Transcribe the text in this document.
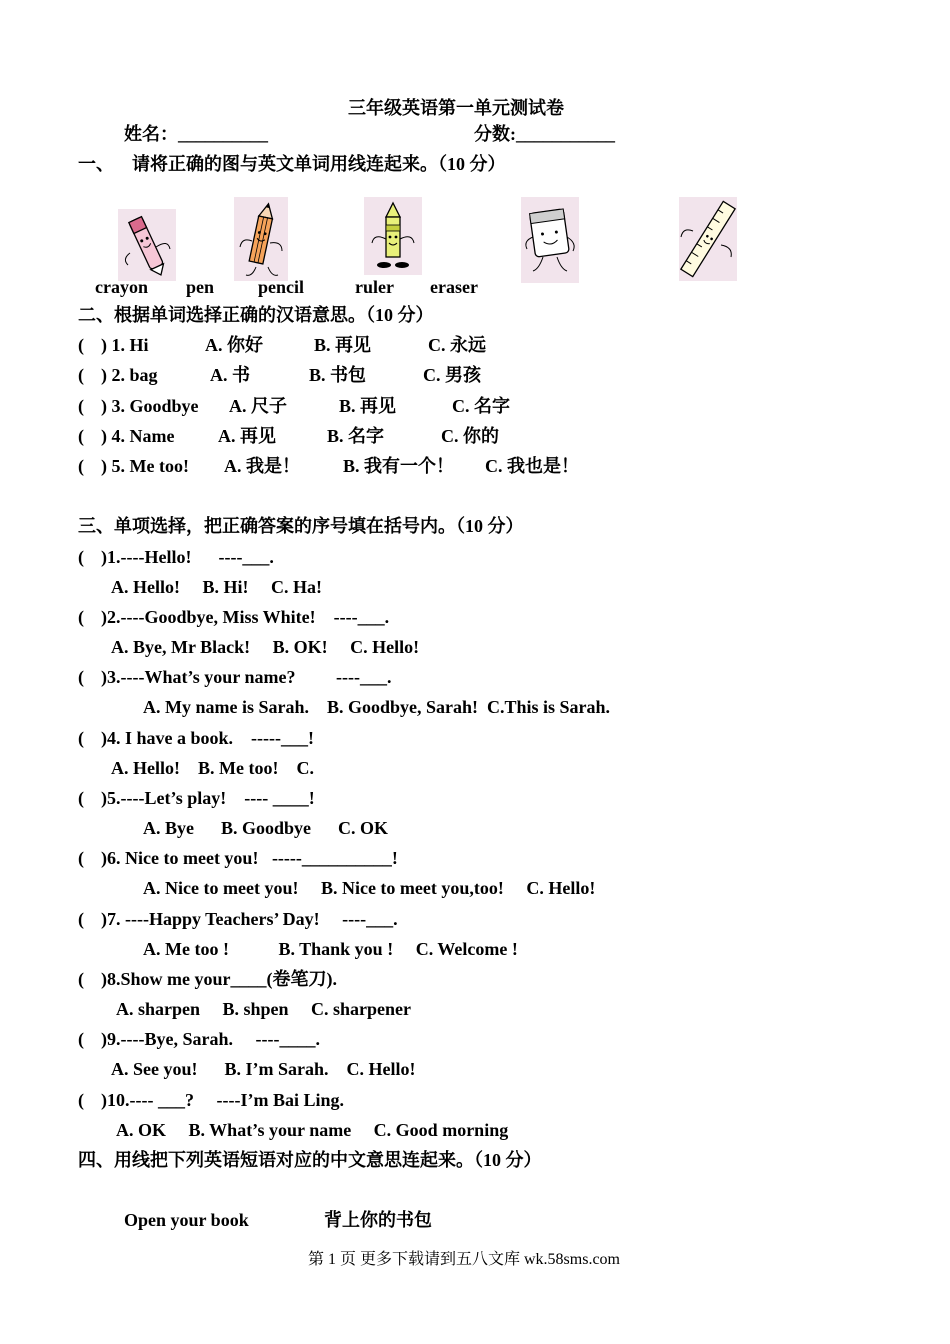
三年级英语第一单元测试卷
姓名：__________	分数:___________
一、    请将正确的图与英文单词用线连起来。（10 分）
crayon pen pencil	ruler eraser
二、根据单词选择正确的汉语意思。（10 分）
( ) 1. Hi	A. 你好	B. 再见	C. 永远
( ) 2. bag	A. 书	B. 书包	C. 男孩
( ) 3. Goodbye A. 尺子	B. 再见	C. 名字
( ) 4. Name A. 再见	B. 名字	C. 你的
( ) 5. Me too! A. 我是！ B. 我有一个！ C. 我也是！
三、单项选择，把正确答案的序号填在括号内。（10 分）
( )1.----Hello!      ----___.
A. Hello!     B. Hi!     C. Ha!
( )2.----Goodbye, Miss White!    ----___.
A. Bye, Mr Black!     B. OK!     C. Hello!
( )3.----What’s your name?         ----___.
A. My name is Sarah.    B. Goodbye, Sarah!  C.This is Sarah.
( )4. I have a book.    -----___!
A. Hello!    B. Me too!    C.
( )5.----Let’s play!    ---- ____!
A. Bye      B. Goodbye      C. OK
( )6. Nice to meet you!   -----__________!
A. Nice to meet you!     B. Nice to meet you,too!     C. Hello!
( )7. ----Happy Teachers’ Day!     ----___.
A. Me too !           B. Thank you !     C. Welcome !
( )8.Show me your____(卷笔刀).
A. sharpen     B. shpen     C. sharpener
( )9.----Bye, Sarah.     ----____.
A. See you!      B. I’m Sarah.    C. Hello!
( )10.---- ___?     ----I’m Bai Ling.
A. OK     B. What’s your name     C. Good morning
四、用线把下列英语短语对应的中文意思连起来。（10 分）
Open your book	背上你的书包
第 1 页 更多下载请到五八文库 wk.58sms.com
